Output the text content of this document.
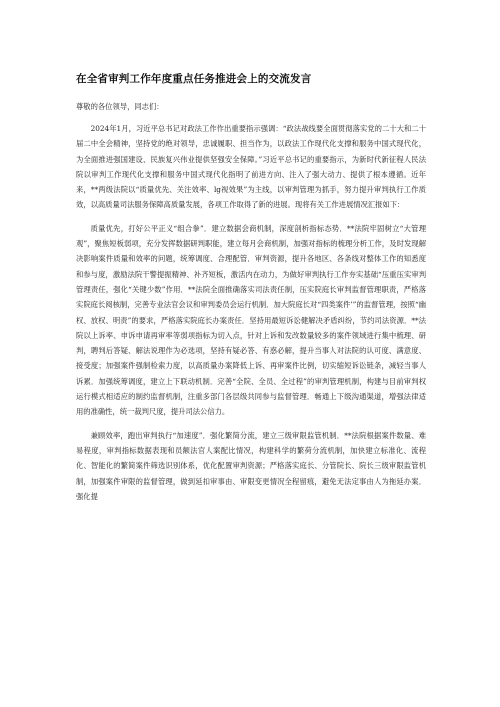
在全省审判工作年度重点任务推进会上的交流发言

尊敬的各位领导，同志们：

2024年1月，习近平总书记对政法工作作出重要指示强调：“政法战线要全面贯彻落实党的二十大和二十届二中全会精神，坚持党的绝对领导，忠诚履职、担当作为，以政法工作现代化支撑和服务中国式现代化，为全面推进强国建设、民族复兴伟业提供坚强安全保障。”习近平总书记的重要指示，为新时代新征程人民法院以审判工作现代化支撑和服务中国式现代化指明了前进方向、注入了强大动力、提供了根本遵循。近年来，**两级法院以“质量优先、关注效率、lg视效果”为主线，以审判管理为抓手，努力提升审判执行工作质效，以高质量司法服务保障高质量发展，各项工作取得了新的进展。现将有关工作进展情况汇报如下：

质量优先，打好公平正义“组合拳”．建立数据会商机制，深度剖析指标态势．**法院牢固树立“大管理观”，聚焦短板弱项，充分发挥数据研判职能，建立每月会商机制，加强对指标的梳理分析工作，及时发现解决影响案件质量和效率的问题，统筹调度、合理配管．审判资源，提升各地区、各条线对整体工作的知悉度和参与度，激励法院干警提振精神、补齐短板，激活内在动力，为做好审判执行工作夯实基础“压重压实审判管理责任，强化“关键少数”作用．**法院全面推确落实司法责任制，压实院庭长审判监督管理职责，严格落实院庭长阅核制，完善专业法官会议和审判委员会运行机制．加大院庭长对“四类案件’”的监督管理，按照“幽权、放权、明责”的要求，严格落实院庭长办案责任．坚持用最短诉讼健解决矛盾纠纷，节约司法资源．**法院以上诉率、申诉申请再审率等弱项指标为切入点，针对上诉和发改数量较多的案件领域进行集中梳理、研判，聘判后答疑、解法说理作为必选项，坚持有疑必答、有惑必解，提升当事人对法院的认可度、满意度、接受度；加强案件强制检索力度，以高质量办案降低上诉、再审案件比例，切实缩短诉讼链条，减轻当事人诉累．加强统筹调度，建立上下联动机制．完善“全院、全员、全过程”的审判管理机制，构建与目前审判权运行模式相适应的制约监督机制，注重多部门各层级共同参与监督管理．畅通上下级沟通渠道，增强法律适用的准确性，统一裁判尺度，提升司法公信力。

兼顾效率，跑出审判执行“加速度”．强化繁简分流，建立三级审限监管机制．**法院根据案件数量、难易程度，审判指标数据表现和员额法官人案配比情况，构建科学的繁荷分流机制，加快建立标准化、流程化、智能化的繁简案件筛选识别体系，优化配置审判资源；严格落实庭长、分管院长、院长三级审限监管机制，加强案件审限的监督管理，做到延扣审事由、审限变更情况全程留痕，避免无法定事由人为拖延办案．强化提
